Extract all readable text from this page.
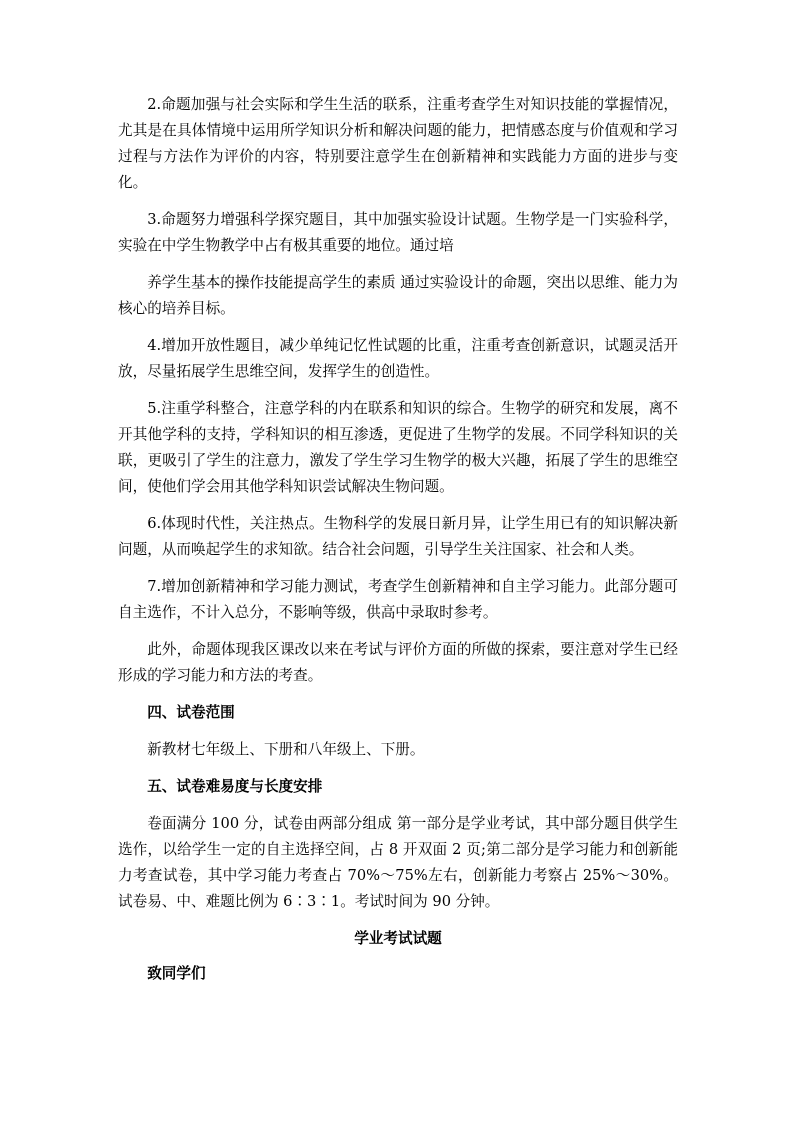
2.命题加强与社会实际和学生生活的联系，注重考查学生对知识技能的掌握情况，尤其是在具体情境中运用所学知识分析和解决问题的能力，把情感态度与价值观和学习过程与方法作为评价的内容，特别要注意学生在创新精神和实践能力方面的进步与变化。

3.命题努力增强科学探究题目，其中加强实验设计试题。生物学是一门实验科学，实验在中学生物教学中占有极其重要的地位。通过培

养学生基本的操作技能提高学生的素质 通过实验设计的命题，突出以思维、能力为核心的培养目标。

4.增加开放性题目，减少单纯记忆性试题的比重，注重考查创新意识，试题灵活开放，尽量拓展学生思维空间，发挥学生的创造性。

5.注重学科整合，注意学科的内在联系和知识的综合。生物学的研究和发展，离不开其他学科的支持，学科知识的相互渗透，更促进了生物学的发展。不同学科知识的关联，更吸引了学生的注意力，激发了学生学习生物学的极大兴趣，拓展了学生的思维空间，使他们学会用其他学科知识尝试解决生物问题。

6.体现时代性，关注热点。生物科学的发展日新月异，让学生用已有的知识解决新问题，从而唤起学生的求知欲。结合社会问题，引导学生关注国家、社会和人类。

7.增加创新精神和学习能力测试，考查学生创新精神和自主学习能力。此部分题可自主选作，不计入总分，不影响等级，供高中录取时参考。

此外，命题体现我区课改以来在考试与评价方面的所做的探索，要注意对学生已经形成的学习能力和方法的考查。

四、试卷范围

新教材七年级上、下册和八年级上、下册。

五、试卷难易度与长度安排

卷面满分 100 分，试卷由两部分组成 第一部分是学业考试，其中部分题目供学生选作，以给学生一定的自主选择空间，占 8 开双面 2 页;第二部分是学习能力和创新能力考查试卷，其中学习能力考查占 70%～75%左右，创新能力考察占 25%～30%。试卷易、中、难题比例为 6∶3∶1。考试时间为 90 分钟。

学业考试试题

致同学们
